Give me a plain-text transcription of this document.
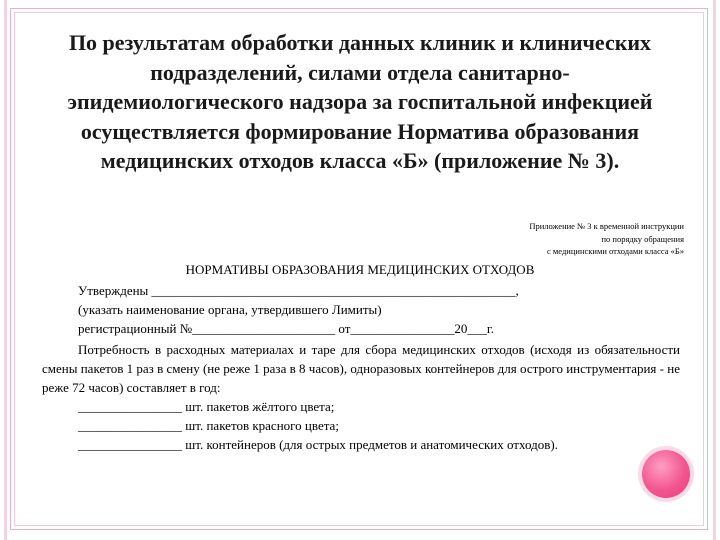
По результатам обработки данных клиник и клинических
подразделений, силами отдела санитарно-
эпидемиологического надзора за госпитальной инфекцией
осуществляется формирование Норматива образования
медицинских отходов класса «Б» (приложение № 3).
Приложение № 3 к временной инструкции
по порядку обращения
с медицинскими отходами класса «Б»
НОРМАТИВЫ ОБРАЗОВАНИЯ МЕДИЦИНСКИХ ОТХОДОВ
Утверждены ________________________________________________________,
(указать наименование органа, утвердившего Лимиты)
регистрационный №______________________ от________________20___г.
Потребность в расходных материалах и таре для сбора медицинских отходов (исходя из обязательности смены пакетов 1 раз в смену (не реже 1 раза в 8 часов), одноразовых контейнеров для острого инструментария - не реже 72 часов) составляет в год:
________________ шт. пакетов жёлтого цвета;
________________ шт. пакетов красного цвета;
________________ шт. контейнеров (для острых предметов и анатомических отходов).
